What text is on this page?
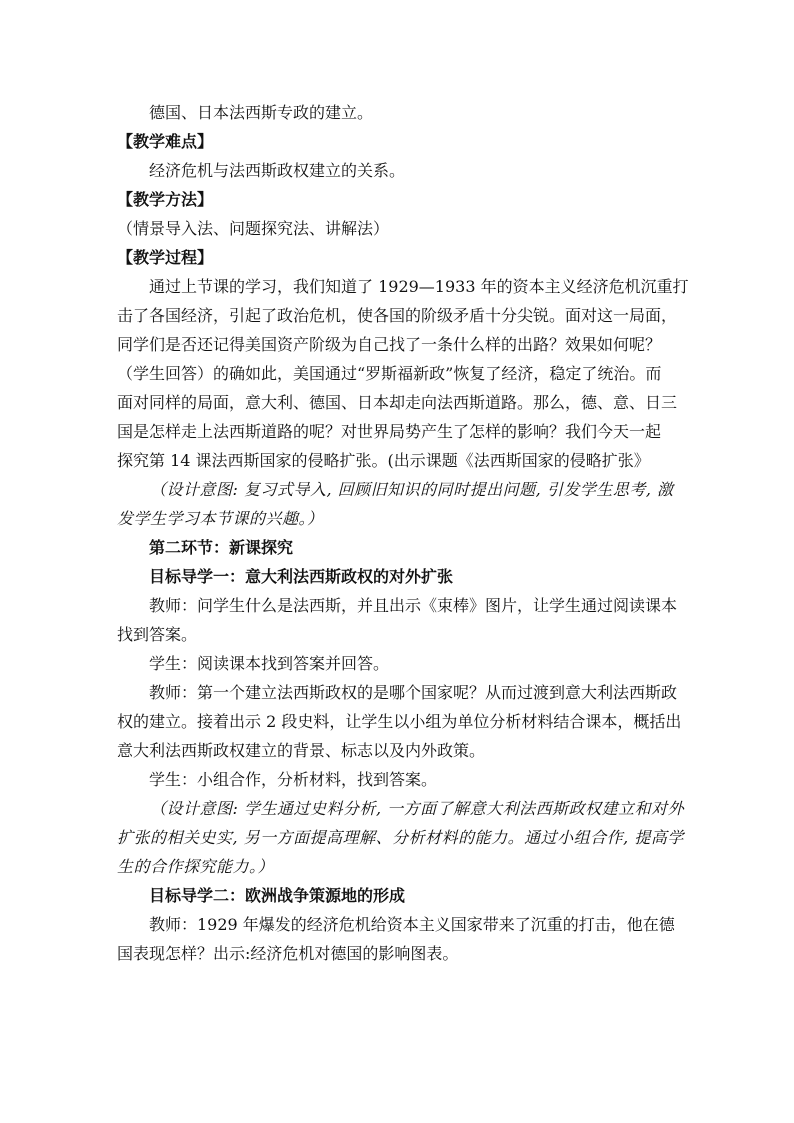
德国、日本法西斯专政的建立。

【教学难点】

经济危机与法西斯政权建立的关系。

【教学方法】

（情景导入法、问题探究法、讲解法）

【教学过程】

通过上节课的学习，我们知道了 1929—1933 年的资本主义经济危机沉重打

击了各国经济，引起了政治危机，使各国的阶级矛盾十分尖锐。面对这一局面，

同学们是否还记得美国资产阶级为自己找了一条什么样的出路？效果如何呢？

（学生回答）的确如此，美国通过“罗斯福新政”恢复了经济，稳定了统治。而

面对同样的局面，意大利、德国、日本却走向法西斯道路。那么，德、意、日三

国是怎样走上法西斯道路的呢？对世界局势产生了怎样的影响？我们今天一起

探究第 14 课法西斯国家的侵略扩张。(出示课题《法西斯国家的侵略扩张》

（设计意图: 复习式导入, 回顾旧知识的同时提出问题, 引发学生思考, 激

发学生学习本节课的兴趣。）

第二环节：新课探究

目标导学一：意大利法西斯政权的对外扩张

教师：问学生什么是法西斯，并且出示《束棒》图片，让学生通过阅读课本

找到答案。

学生：阅读课本找到答案并回答。

教师：第一个建立法西斯政权的是哪个国家呢？从而过渡到意大利法西斯政

权的建立。接着出示 2 段史料，让学生以小组为单位分析材料结合课本，概括出

意大利法西斯政权建立的背景、标志以及内外政策。

学生：小组合作，分析材料，找到答案。

（设计意图: 学生通过史料分析, 一方面了解意大利法西斯政权建立和对外

扩张的相关史实, 另一方面提高理解、分析材料的能力。通过小组合作, 提高学

生的合作探究能力。）

目标导学二：欧洲战争策源地的形成

教师：1929 年爆发的经济危机给资本主义国家带来了沉重的打击，他在德

国表现怎样？出示:经济危机对德国的影响图表。
